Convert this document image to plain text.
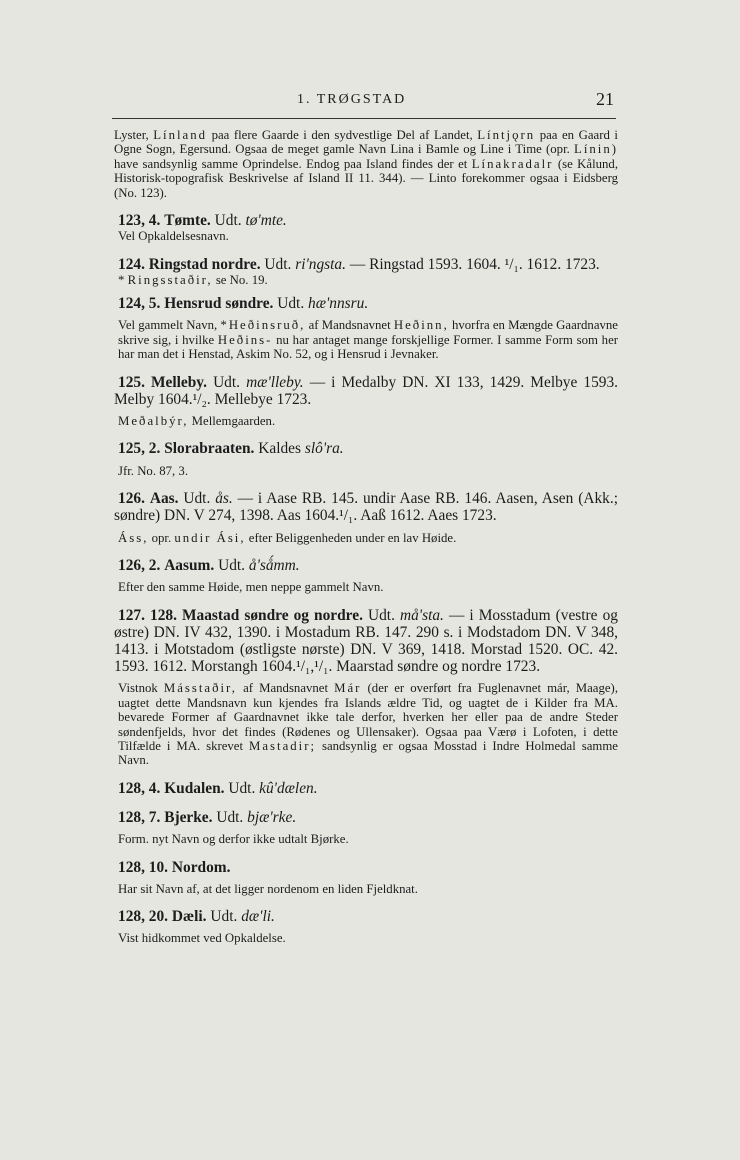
1. TRØGSTAD	21

Lyster, Línland paa flere Gaarde i den sydvestlige Del af Landet, Líntjǫrn paa en Gaard i Ogne Sogn, Egersund. Ogsaa de meget gamle Navn Lina i Bamle og Line i Time (opr. Línin) have sandsynlig samme Oprindelse. Endog paa Island findes der et Línakradalr (se Kålund, Historisk-topografisk Beskrivelse af Island II 11. 344). — Linto forekommer ogsaa i Eidsberg (No. 123).

123, 4. Tømte. Udt. tø'mte.

Vel Opkaldelsesnavn.

124. Ringstad nordre. Udt. ri'ngsta. — Ringstad 1593. 1604. ¹/₁. 1612. 1723.

* Ringsstaðir, se No. 19.

124, 5. Hensrud søndre. Udt. hæ'nnsru.

Vel gammelt Navn, *Heðinsruð, af Mandsnavnet Heðinn, hvorfra en Mængde Gaardnavne skrive sig, i hvilke Heðins- nu har antaget mange forskjellige Former. I samme Form som her har man det i Henstad, Askim No. 52, og i Hensrud i Jevnaker.

125. Melleby. Udt. mæ'lleby. — i Medalby DN. XI 133, 1429. Melbye 1593. Melby 1604.¹/₂. Mellebye 1723.

Meðalbýr, Mellemgaarden.

125, 2. Slorabraaten. Kaldes slô'ra.

Jfr. No. 87, 3.

126. Aas. Udt. ås. — i Aase RB. 145. undir Aase RB. 146. Aasen, Asen (Akk.; søndre) DN. V 274, 1398. Aas 1604.¹/₁. Aaß 1612. Aaes 1723.

Áss, opr. undir Ási, efter Beliggenheden under en lav Høide.

126, 2. Aasum. Udt. å'sǻmm.

Efter den samme Høide, men neppe gammelt Navn.

127. 128. Maastad søndre og nordre. Udt. må'sta. — i Mosstadum (vestre og østre) DN. IV 432, 1390. i Mostadum RB. 147. 290 s. i Modstadom DN. V 348, 1413. i Motstadom (østligste nørste) DN. V 369, 1418. Morstad 1520. OC. 42. 1593. 1612. Morstangh 1604.¹/₁,¹/₁. Maarstad søndre og nordre 1723.

Vistnok Másstaðir, af Mandsnavnet Már (der er overført fra Fuglenavnet már, Maage), uagtet dette Mandsnavn kun kjendes fra Islands ældre Tid, og uagtet de i Kilder fra MA. bevarede Former af Gaardnavnet ikke tale derfor, hverken her eller paa de andre Steder søndenfjelds, hvor det findes (Rødenes og Ullensaker). Ogsaa paa Værø i Lofoten, i dette Tilfælde i MA. skrevet Mastadir; sandsynlig er ogsaa Mosstad i Indre Holmedal samme Navn.

128, 4. Kudalen. Udt. kû'dælen.

128, 7. Bjerke. Udt. bjæ'rke.

Form. nyt Navn og derfor ikke udtalt Bjørke.

128, 10. Nordom.

Har sit Navn af, at det ligger nordenom en liden Fjeldknat.

128, 20. Dæli. Udt. dæ'li.

Vist hidkommet ved Opkaldelse.
